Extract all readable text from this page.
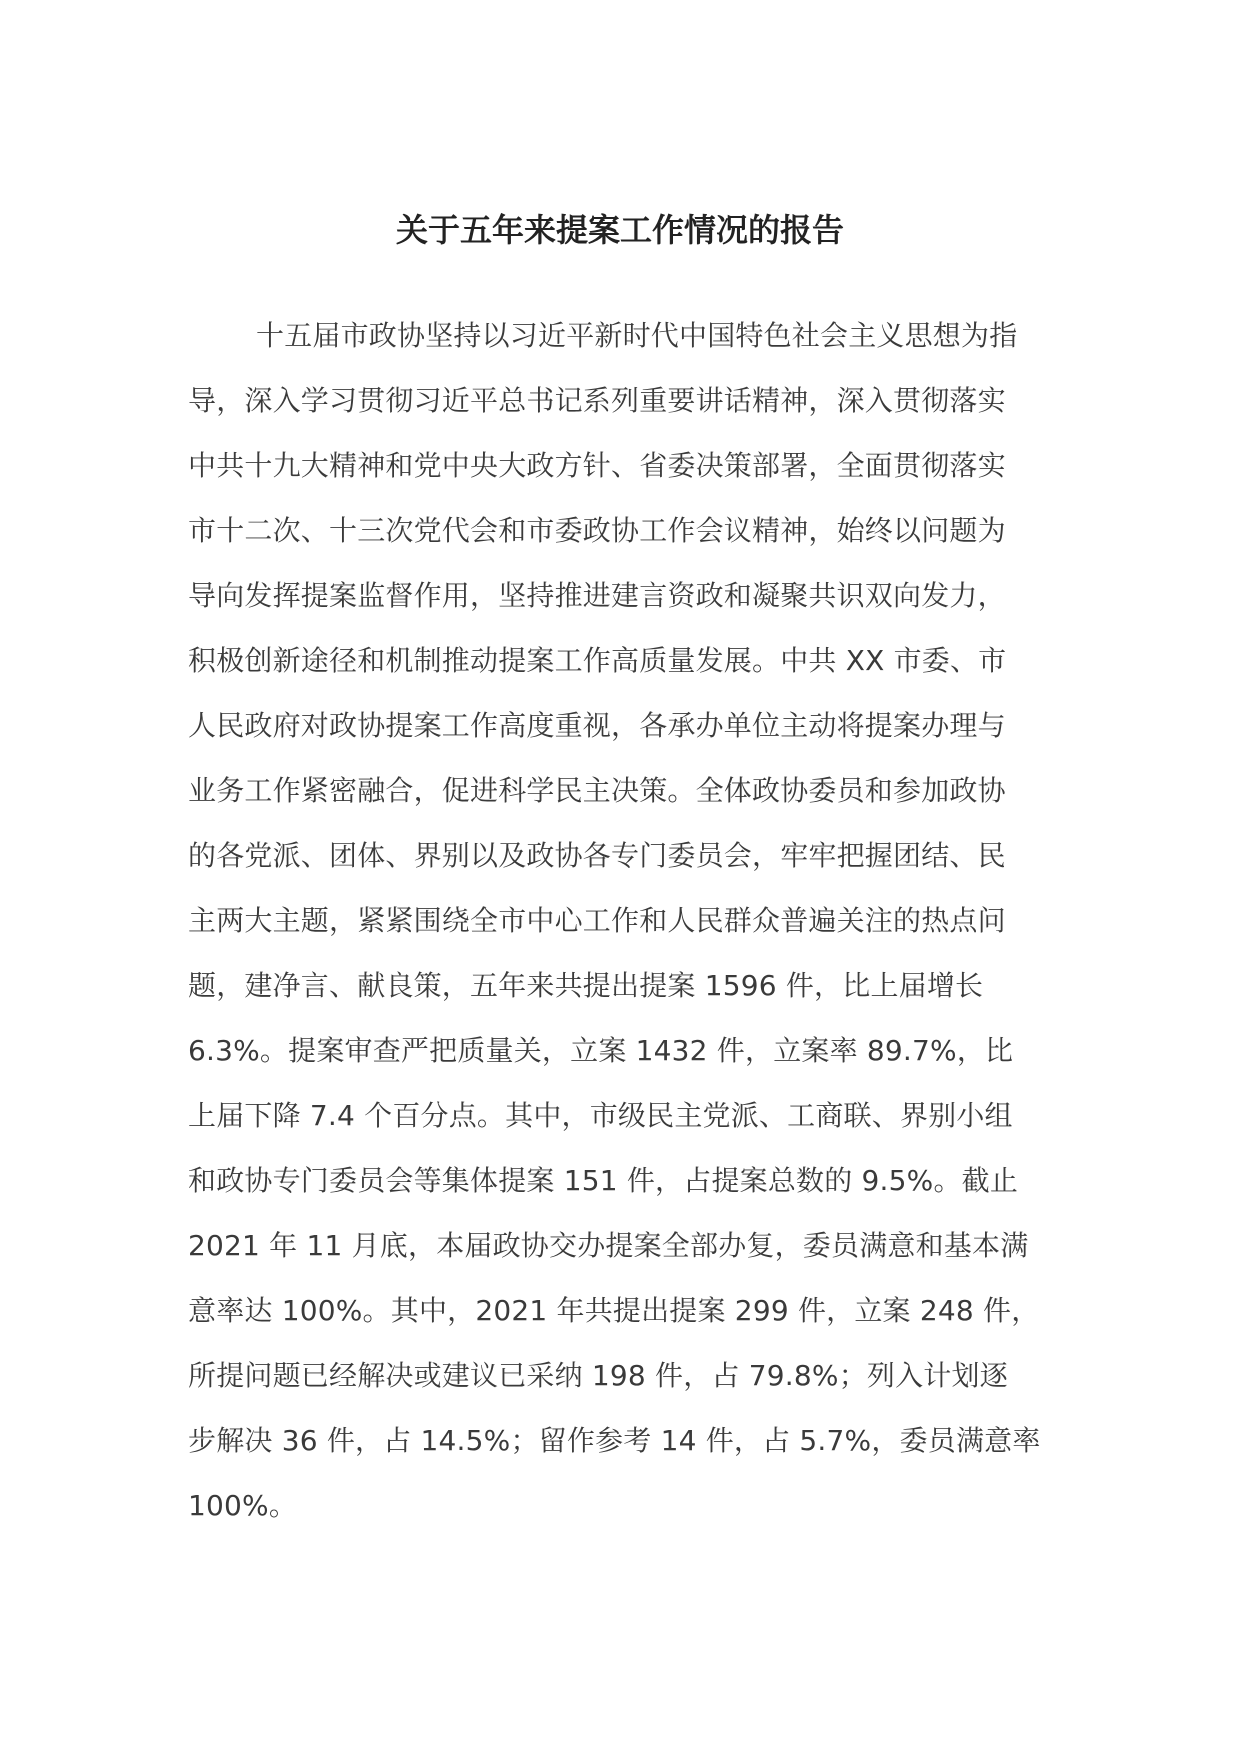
关于五年来提案工作情况的报告
十五届市政协坚持以习近平新时代中国特色社会主义思想为指
导，深入学习贯彻习近平总书记系列重要讲话精神，深入贯彻落实
中共十九大精神和党中央大政方针、省委决策部署，全面贯彻落实
市十二次、十三次党代会和市委政协工作会议精神，始终以问题为
导向发挥提案监督作用，坚持推进建言资政和凝聚共识双向发力，
积极创新途径和机制推动提案工作高质量发展。中共 XX 市委、市
人民政府对政协提案工作高度重视，各承办单位主动将提案办理与
业务工作紧密融合，促进科学民主决策。全体政协委员和参加政协
的各党派、团体、界别以及政协各专门委员会，牢牢把握团结、民
主两大主题，紧紧围绕全市中心工作和人民群众普遍关注的热点问
题，建净言、献良策，五年来共提出提案 1596 件，比上届增长
6.3%。提案审查严把质量关，立案 1432 件，立案率 89.7%，比
上届下降 7.4 个百分点。其中，市级民主党派、工商联、界别小组
和政协专门委员会等集体提案 151 件，占提案总数的 9.5%。截止
2021 年 11 月底，本届政协交办提案全部办复，委员满意和基本满
意率达 100%。其中，2021 年共提出提案 299 件，立案 248 件，
所提问题已经解决或建议已采纳 198 件，占 79.8%；列入计划逐
步解决 36 件，占 14.5%；留作参考 14 件，占 5.7%，委员满意率
100%。
